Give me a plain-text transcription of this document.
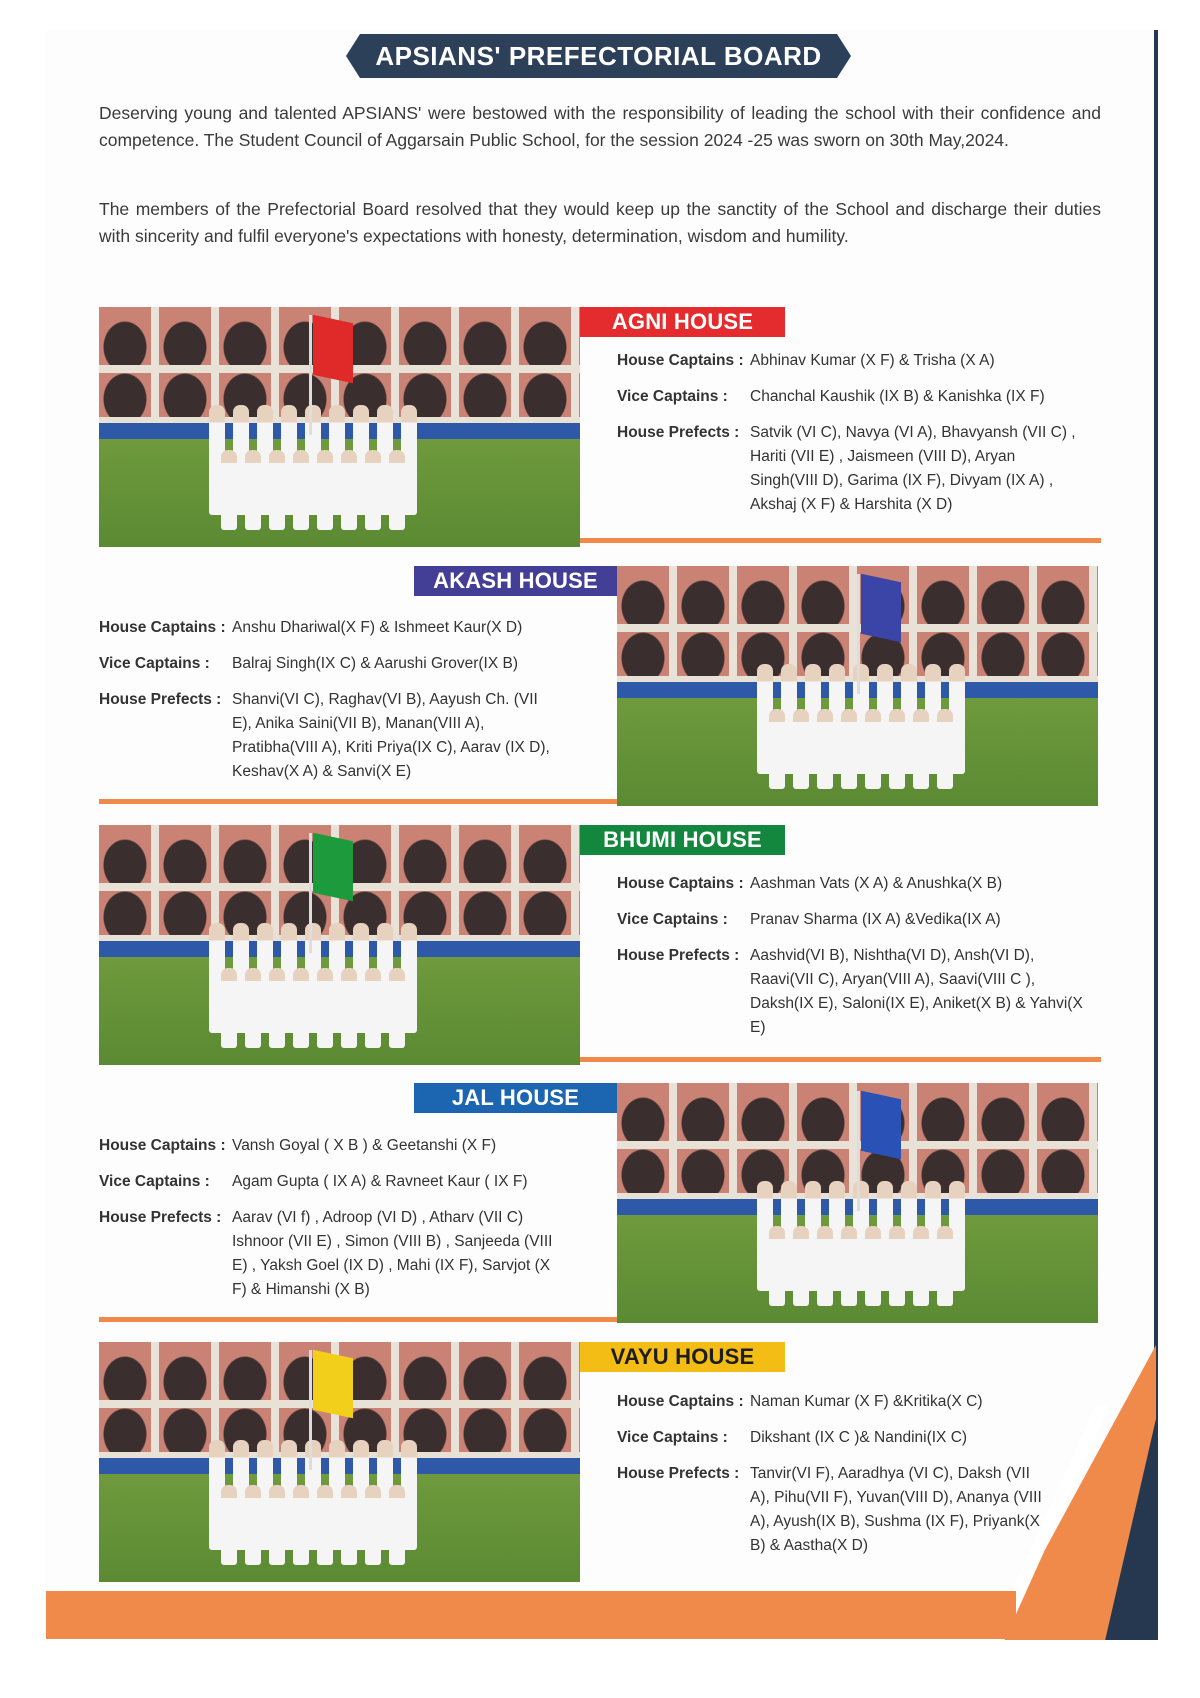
APSIANS' PREFECTORIAL BOARD
Deserving young and talented APSIANS' were bestowed with the responsibility of leading the school with their confidence and competence. The Student Council of Aggarsain Public School, for the session 2024 -25 was sworn on 30th May,2024.
The members of the Prefectorial Board resolved that they would keep up the sanctity of the School and discharge their duties with sincerity and fulfil everyone's expectations with honesty, determination, wisdom and humility.
AGNI HOUSE
House Captains : Abhinav Kumar (X F) & Trisha (X A)
Vice Captains :	Chanchal Kaushik (IX B) & Kanishka (IX F)
House Prefects : Satvik (VI C), Navya (VI A), Bhavyansh (VII C) , Hariti (VII E) , Jaismeen (VIII D), Aryan Singh(VIII D), Garima (IX F), Divyam (IX A) , Akshaj (X F) & Harshita (X D)
AKASH HOUSE
House Captains : Anshu Dhariwal(X F) & Ishmeet Kaur(X D)
Vice Captains :	Balraj Singh(IX C) & Aarushi Grover(IX B)
House Prefects : Shanvi(VI C), Raghav(VI B), Aayush Ch. (VII E), Anika Saini(VII B), Manan(VIII A), Pratibha(VIII A), Kriti Priya(IX C), Aarav (IX D), Keshav(X A) & Sanvi(X E)
BHUMI HOUSE
House Captains : Aashman Vats (X A) & Anushka(X B)
Vice Captains :	Pranav Sharma (IX A) &Vedika(IX A)
House Prefects : Aashvid(VI B), Nishtha(VI D), Ansh(VI D), Raavi(VII C), Aryan(VIII A), Saavi(VIII C ), Daksh(IX E), Saloni(IX E), Aniket(X B) & Yahvi(X E)
JAL HOUSE
House Captains : Vansh Goyal ( X B ) & Geetanshi (X F)
Vice Captains :	Agam Gupta ( IX A) & Ravneet Kaur ( IX F)
House Prefects : Aarav (VI f) , Adroop (VI D) , Atharv (VII C) Ishnoor (VII E) , Simon (VIII B) , Sanjeeda (VIII E) , Yaksh Goel (IX D) , Mahi (IX F), Sarvjot (X F) & Himanshi (X B)
VAYU HOUSE
House Captains : Naman Kumar (X F) &Kritika(X C)
Vice Captains :	Dikshant (IX C )& Nandini(IX C)
House Prefects : Tanvir(VI F), Aaradhya (VI C), Daksh (VII A), Pihu(VII F), Yuvan(VIII D), Ananya (VIII A), Ayush(IX B), Sushma (IX F), Priyank(X B) & Aastha(X D)
